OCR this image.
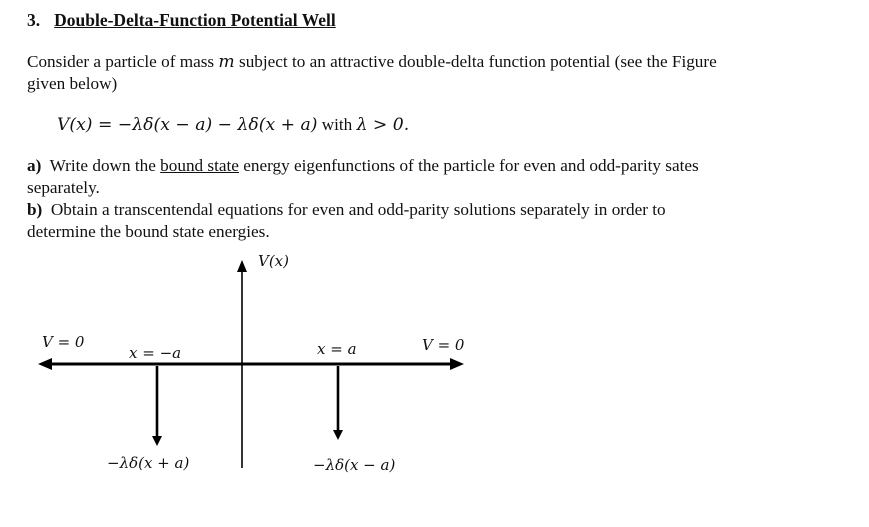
3. Double-Delta-Function Potential Well
Consider a particle of mass m subject to an attractive double-delta function potential (see the Figure
given below)
V(x) = −λδ(x − a) − λδ(x + a) with λ > 0.
a) Write down the bound state energy eigenfunctions of the particle for even and odd-parity sates
separately.
b) Obtain a transcentendal equations for even and odd-parity solutions separately in order to
determine the bound state energies.
V(x)
V = 0	V = 0
x = −a	x = a
−λδ(x + a)	−λδ(x − a)
